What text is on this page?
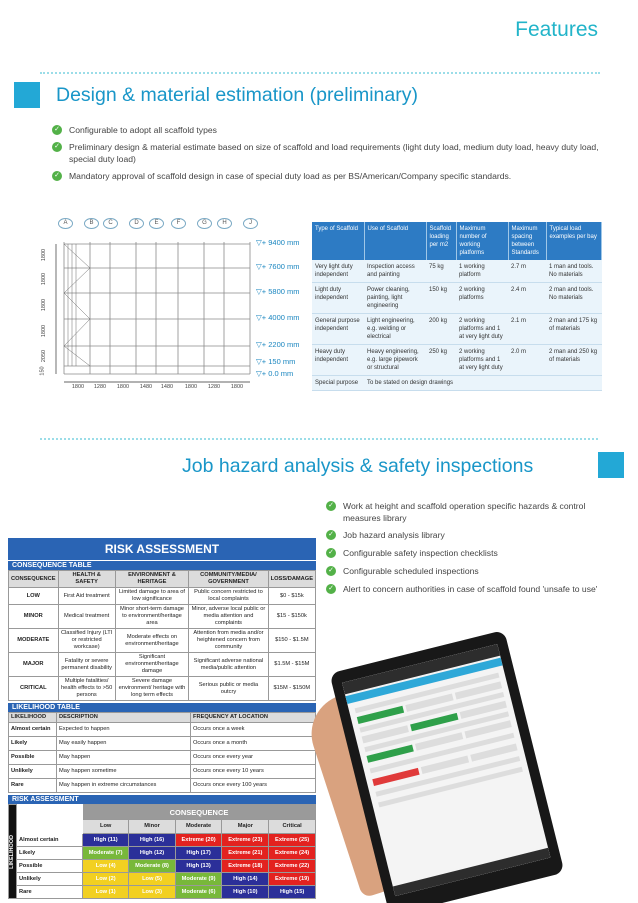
Features
Design & material estimation (preliminary)
✓ Configurable to adopt all scaffold types
✓ Preliminary design & material estimate based on size of scaffold and load requirements (light duty load, medium duty load, heavy duty load, special duty load)
✓ Mandatory approval of scaffold design in case of special duty load as per BS/American/Company specific standards.
A	B	C	D	E	F	G	H	J
▽+ 9400 mm
▽+ 7600 mm
▽+ 5800 mm
▽+ 4000 mm
▽+ 2200 mm
▽+ 150 mm
▽+ 0.0 mm
1800
1800
1800
1800
2050
150
1800	1280	1800	1480	1480	1800	1280	1800
Type of Scaffold	Use of Scaffold	Scaffold loading per m2	Maximum number of working platforms	Maximum spacing between Standards	Typical load examples per bay
Very light duty independent	Inspection access and painting	75 kg	1 working platform	2.7 m	1 man and tools. No materials
Light duty independent	Power cleaning, painting, light engineering	150 kg	2 working platforms	2.4 m	2 man and tools. No materials
General purpose independent	Light engineering, e.g. welding or electrical	200 kg	2 working platforms and 1 at very light duty	2.1 m	2 man and 175 kg of materials
Heavy duty independent	Heavy engineering, e.g. large pipework or structural	250 kg	2 working platforms and 1 at very light duty	2.0 m	2 man and 250 kg of materials
Special purpose	To be stated on design drawings				
Job hazard analysis & safety inspections
✓ Work at height and scaffold operation specific hazards & control measures library
✓ Job hazard analysis library
✓ Configurable safety inspection checklists
✓ Configurable scheduled inspections
✓ Alert to concern authorities in case of scaffold found 'unsafe to use'
RISK ASSESSMENT
CONSEQUENCE TABLE
CONSEQUENCE	HEALTH & SAFETY	ENVIRONMENT & HERITAGE	COMMUNITY/MEDIA/ GOVERNMENT	LOSS/DAMAGE
LOW	First Aid treatment	Limited damage to area of low significance	Public concern restricted to local complaints	$0 - $15k
MINOR	Medical treatment	Minor short-term damage to environment/heritage area	Minor, adverse local public or media attention and complaints	$15 - $150k
MODERATE	Classified Injury (LTI or restricted workcase)	Moderate effects on environment/heritage	Attention from media and/or heightened concern from community	$150 - $1.5M
MAJOR	Fatality or severe permanent disability	Significant environment/heritage damage	Significant adverse national media/public attention	$1.5M - $15M
CRITICAL	Multiple fatalities/ health effects to >50 persons	Severe damage environment/ heritage with long term effects	Serious public or media outcry	$15M - $150M
LIKELIHOOD TABLE
LIKELIHOOD	DESCRIPTION	FREQUENCY AT LOCATION
Almost certain	Expected to happen	Occurs once a week
Likely	May easily happen	Occurs once a month
Possible	May happen	Occurs once every year
Unlikely	May happen sometime	Occurs once every 10 years
Rare	May happen in extreme circumstances	Occurs once every 100 years
RISK ASSESSMENT
LIKELIHOOD		CONSEQUENCE				
		Low	Minor	Moderate	Major	Critical
	Almost certain	High (11)	High (16)	Extreme (20)	Extreme (23)	Extreme (25)
	Likely	Moderate (7)	High (12)	High (17)	Extreme (21)	Extreme (24)
	Possible	Low (4)	Moderate (8)	High (13)	Extreme (18)	Extreme (22)
	Unlikely	Low (2)	Low (5)	Moderate (9)	High (14)	Extreme (19)
	Rare	Low (1)	Low (3)	Moderate (6)	High (10)	High (15)
